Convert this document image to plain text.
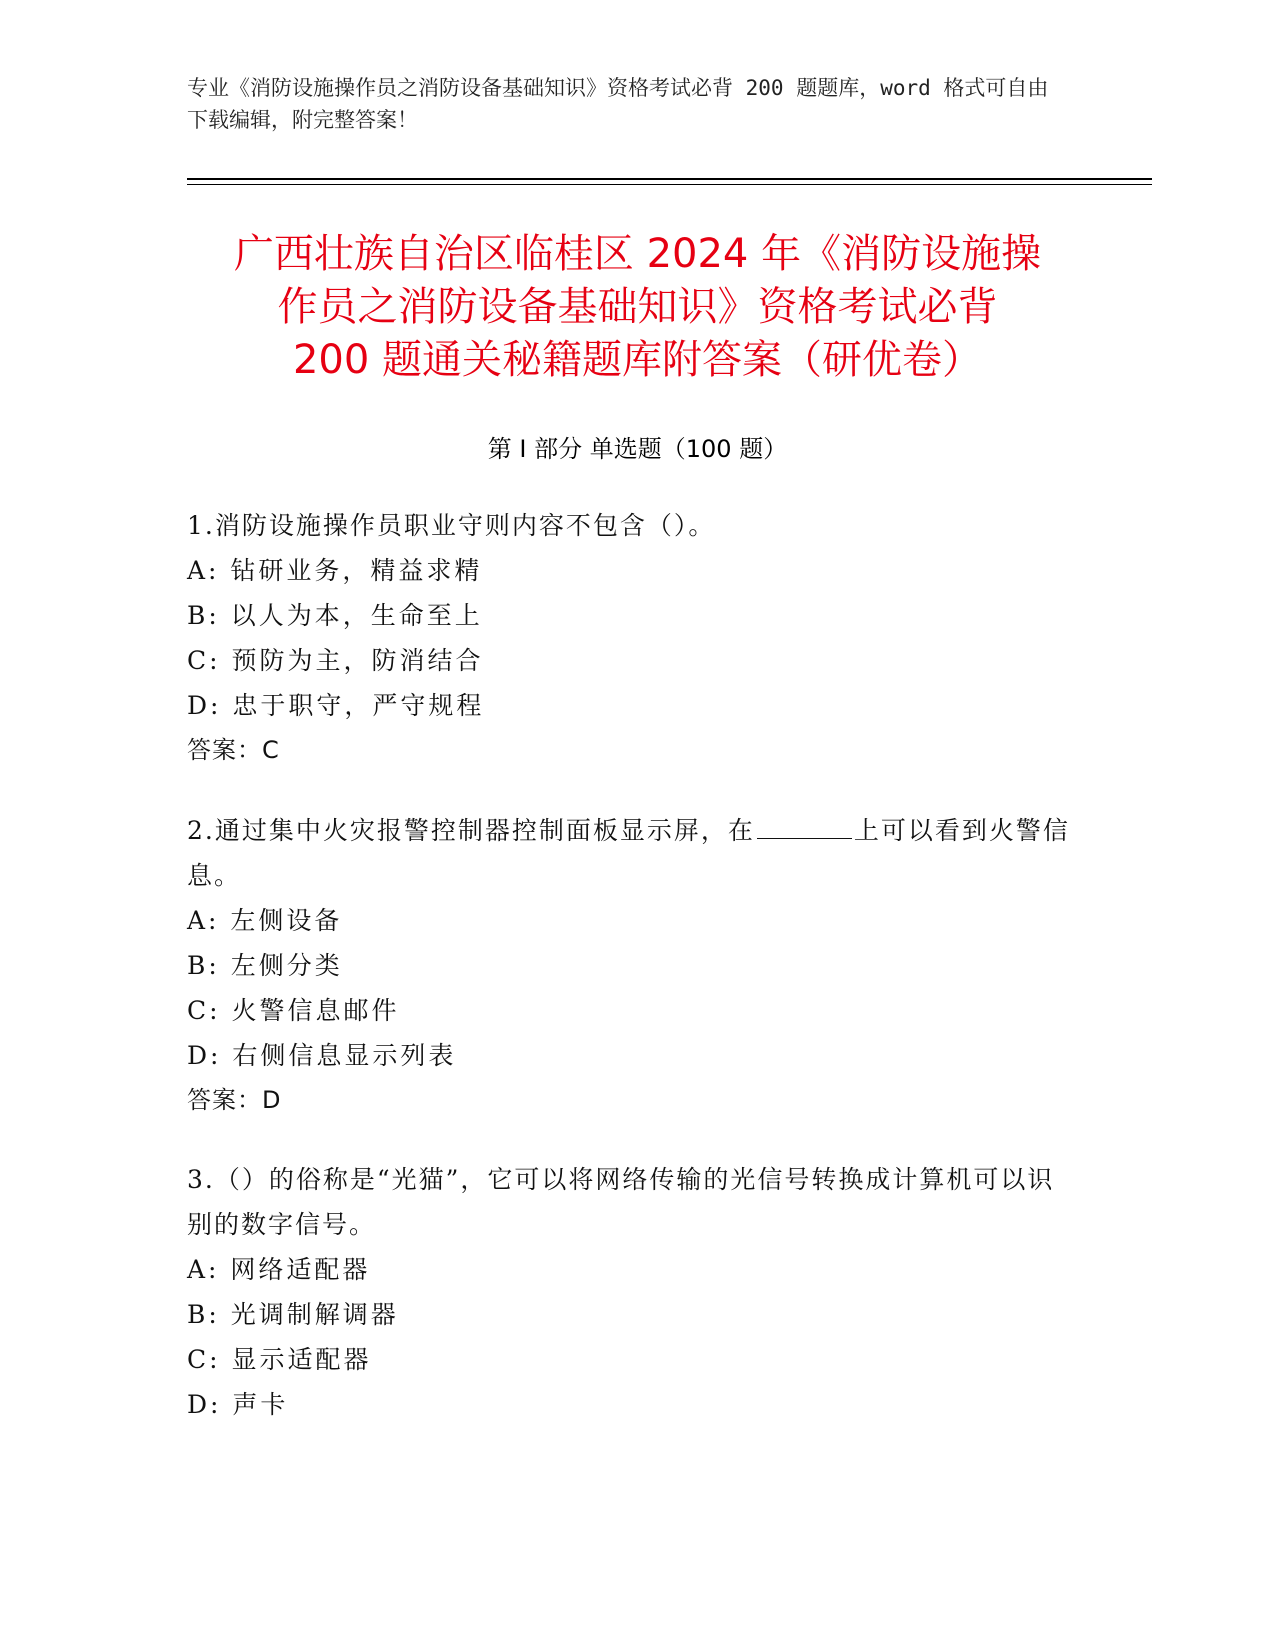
专业《消防设施操作员之消防设备基础知识》资格考试必背 200 题题库，word 格式可自由下载编辑，附完整答案！
广西壮族自治区临桂区 2024 年《消防设施操
作员之消防设备基础知识》资格考试必背
200 题通关秘籍题库附答案（研优卷）
第 I 部分 单选题（100 题）
1.消防设施操作员职业守则内容不包含（）。
A: 钻研业务，精益求精
B: 以人为本，生命至上
C: 预防为主，防消结合
D: 忠于职守，严守规程
答案：C
2.通过集中火灾报警控制器控制面板显示屏，在	上可以看到火警信息。
A: 左侧设备
B: 左侧分类
C: 火警信息邮件
D: 右侧信息显示列表
答案：D
3.（）的俗称是“光猫”，它可以将网络传输的光信号转换成计算机可以识别的数字信号。
A: 网络适配器
B: 光调制解调器
C: 显示适配器
D: 声卡
